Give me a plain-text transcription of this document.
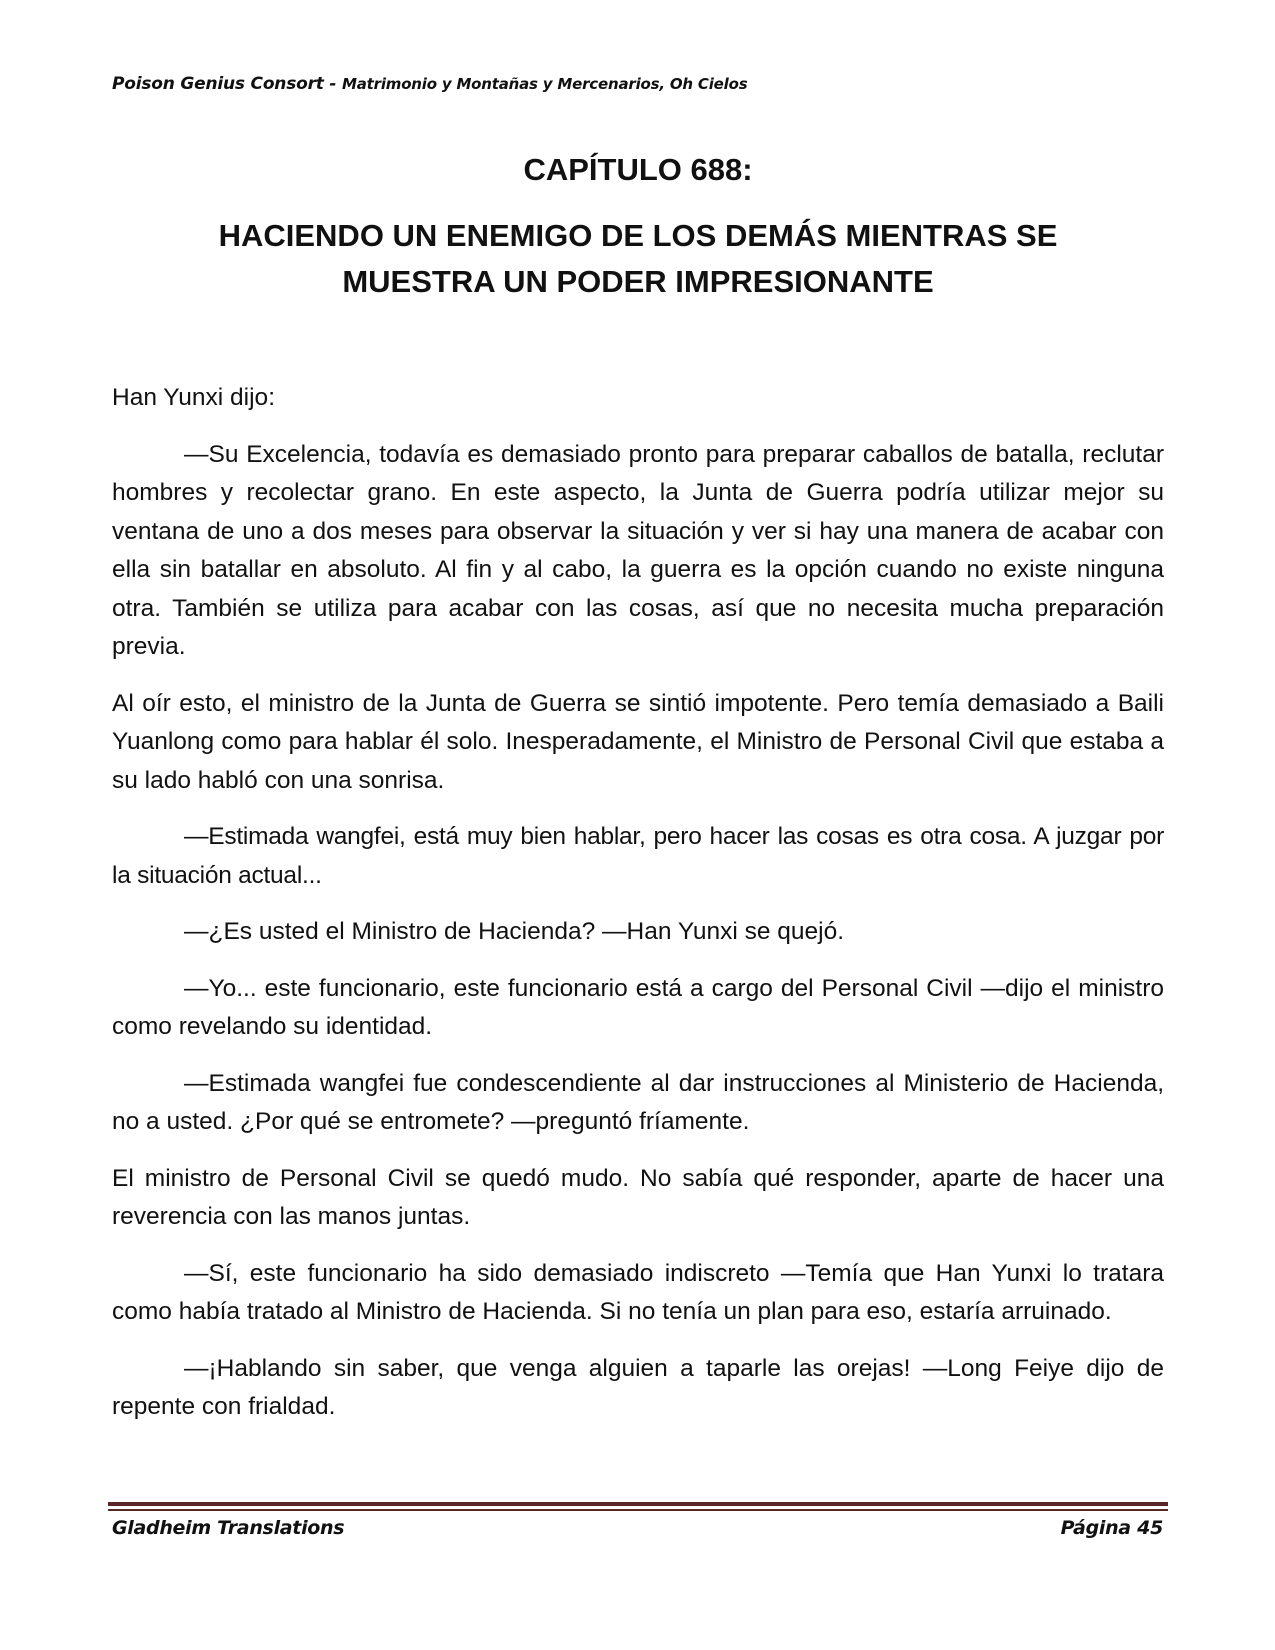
Poison Genius Consort - Matrimonio y Montañas y Mercenarios, Oh Cielos
CAPÍTULO 688:
HACIENDO UN ENEMIGO DE LOS DEMÁS MIENTRAS SE MUESTRA UN PODER IMPRESIONANTE

Han Yunxi dijo:

—Su Excelencia, todavía es demasiado pronto para preparar caballos de batalla, reclutar hombres y recolectar grano. En este aspecto, la Junta de Guerra podría utilizar mejor su ventana de uno a dos meses para observar la situación y ver si hay una manera de acabar con ella sin batallar en absoluto. Al fin y al cabo, la guerra es la opción cuando no existe ninguna otra. También se utiliza para acabar con las cosas, así que no necesita mucha preparación previa.

Al oír esto, el ministro de la Junta de Guerra se sintió impotente. Pero temía demasiado a Baili Yuanlong como para hablar él solo. Inesperadamente, el Ministro de Personal Civil que estaba a su lado habló con una sonrisa.

—Estimada wangfei, está muy bien hablar, pero hacer las cosas es otra cosa. A juzgar por la situación actual...

—¿Es usted el Ministro de Hacienda? —Han Yunxi se quejó.

—Yo... este funcionario, este funcionario está a cargo del Personal Civil —dijo el ministro como revelando su identidad.

—Estimada wangfei fue condescendiente al dar instrucciones al Ministerio de Hacienda, no a usted. ¿Por qué se entromete? —preguntó fríamente.

El ministro de Personal Civil se quedó mudo. No sabía qué responder, aparte de hacer una reverencia con las manos juntas.

—Sí, este funcionario ha sido demasiado indiscreto —Temía que Han Yunxi lo tratara como había tratado al Ministro de Hacienda. Si no tenía un plan para eso, estaría arruinado.

—¡Hablando sin saber, que venga alguien a taparle las orejas! —Long Feiye dijo de repente con frialdad.

Gladheim Translations	Página 45
